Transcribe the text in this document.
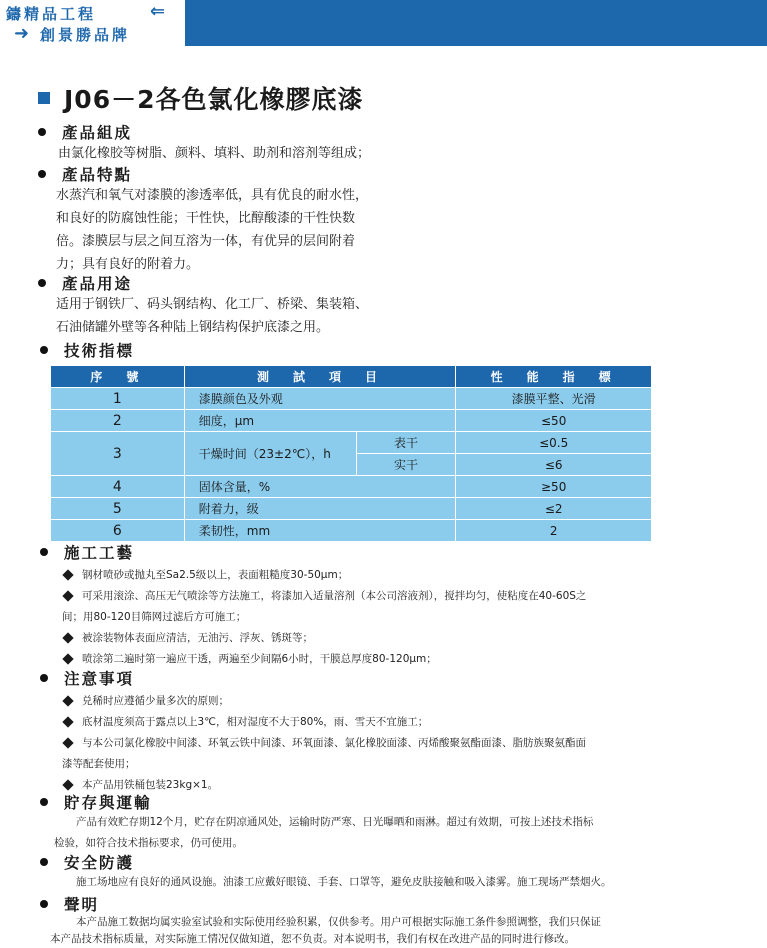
鑄精品工程	⇐
➜ 創景勝品牌
J06－2各色氯化橡膠底漆
產品組成

由氯化橡胶等树脂、颜料、填料、助剂和溶剂等组成；

產品特點

水蒸汽和氧气对漆膜的渗透率低，具有优良的耐水性，

和良好的防腐蚀性能；干性快，比醇酸漆的干性快数

倍。漆膜层与层之间互溶为一体，有优异的层间附着

力；具有良好的附着力。

產品用途

适用于钢铁厂、码头钢结构、化工厂、桥梁、集装箱、

石油储罐外壁等各种陆上钢结构保护底漆之用。

技術指標
序　號	測　試　項　目		性　能　指　標
1	漆膜颜色及外观		漆膜平整、光滑
2	细度，μm		≤50
3	干燥时间（23±2℃），h	表干	≤0.5
		实干	≤6
4	固体含量，%		≥50
5	附着力，级		≤2
6	柔韧性，mm		2
施工工藝
钢材喷砂或抛丸至Sa2.5级以上，表面粗糙度30-50μm；
可采用滚涂、高压无气喷涂等方法施工，将漆加入适量溶剂（本公司溶液剂），搅拌均匀，使粘度在40-60S之
间；用80-120目筛网过滤后方可施工；
被涂装物体表面应清洁，无油污、浮灰、锈斑等；
喷涂第二遍时第一遍应干透，两遍至少间隔6小时，干膜总厚度80-120μm；
注意事項
兑稀时应遵循少量多次的原则；
底材温度须高于露点以上3℃，相对湿度不大于80%，雨、雪天不宜施工；
与本公司氯化橡胶中间漆、环氧云铁中间漆、环氧面漆、氯化橡胶面漆、丙烯酸聚氨酯面漆、脂肪族聚氨酯面
漆等配套使用；
本产品用铁桶包装23kg×1。
貯存與運輸

产品有效贮存期12个月，贮存在阴凉通风处，运输时防严寒、日光曝晒和雨淋。超过有效期，可按上述技术指标

检验，如符合技术指标要求，仍可使用。

安全防護

施工场地应有良好的通风设施。油漆工应戴好眼镜、手套、口罩等，避免皮肤接触和吸入漆雾。施工现场严禁烟火。

聲明

本产品施工数据均属实验室试验和实际使用经验积累，仅供参考。用户可根据实际施工条件参照调整，我们只保证

本产品技术指标质量，对实际施工情况仅做知道，恕不负责。对本说明书，我们有权在改进产品的同时进行修改。
